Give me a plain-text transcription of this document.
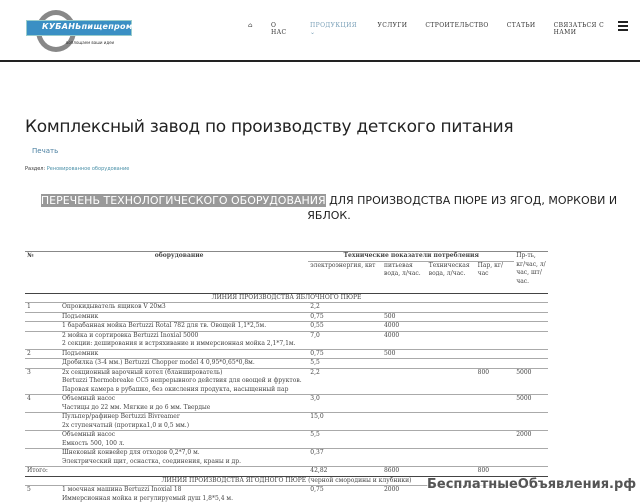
КУБАНЬпищепром
воплощаем ваши идеи
⌂	О НАС
ПРОДУКЦИЯ ⌄
УСЛУГИ	СТРОИТЕЛЬСТВО	СТАТЬИ	СВЯЗАТЬСЯ С НАМИ
Комплексный завод по производству детского питания
Печать
Раздел: Реновированное оборудование
ПЕРЕЧЕНЬ ТЕХНОЛОГИЧЕСКОГО ОБОРУДОВАНИЯ ДЛЯ ПРОИЗВОДСТВА ПЮРЕ ИЗ ЯГОД, МОРКОВИ И ЯБЛОК.
№	оборудование	Технические показатели потребления				Пр-ть, кг/час, л/час, шт/час.
		электроэнергия, квт	питьевая вода, л/час.	Техническая вода, л/час.	Пар, кг/час	
ЛИНИЯ ПРОИЗВОДСТВА ЯБЛОЧНОГО ПЮРЕ						
1	Опрокидыватель ящиков V 20м3	2,2				
	Подъемник	0,75	500			
	1 барабанная мойка Bertuzzi Rotal 782 для тв. Овощей 1,1*2,5м.	0,55	4000			
	2 мойка и сортировка Bertuzzi Inoxial 5000
2 секции: деширования и встряхивание и иммерсионная мойка 2,1*7,1м.	7,0	4000			
2	Подъемник	0,75	500			
	Дробилка (3-4 мм.) Bertuzzi Chopper model 4 0,95*0,65*0,8м.	5,5				
3	2х секционный варочный котел (бланширователь)
Bertuzzi Thermobreake CC5 непрерывного действия для овощей и фруктов.
Паровая камера в рубашке, без окисления продукта, насыщенный пар	2,2			800	5000
4	Объемный насос
Частицы до 22 мм. Мягкие и до 6 мм. Твердые	3,0				5000
	Пульпер/рафинер Bertuzzi Bivreamer
2х ступенчатый (протирка1,0 и 0,5 мм.)	15,0				
	Объемный насос
Емкость 500, 100 л.	5,5				2000
	Шнековый конвейер для отходов 0,2*7,0 м.
Электрический щит, оснастка, соединения, краны и др.	0,37				
Итого:		42,82	8600		800	
ЛИНИЯ ПРОИЗВОДСТВА ЯГОДНОГО ПЮРЕ (черной смородины и клубники)						
5	1 моечная машина Bertuzzi Inoxial 18
Иммерсионная мойка и регулируемый душ 1,8*5,4 м.	0,75	2000			БесплатныеОбъявления.рф
